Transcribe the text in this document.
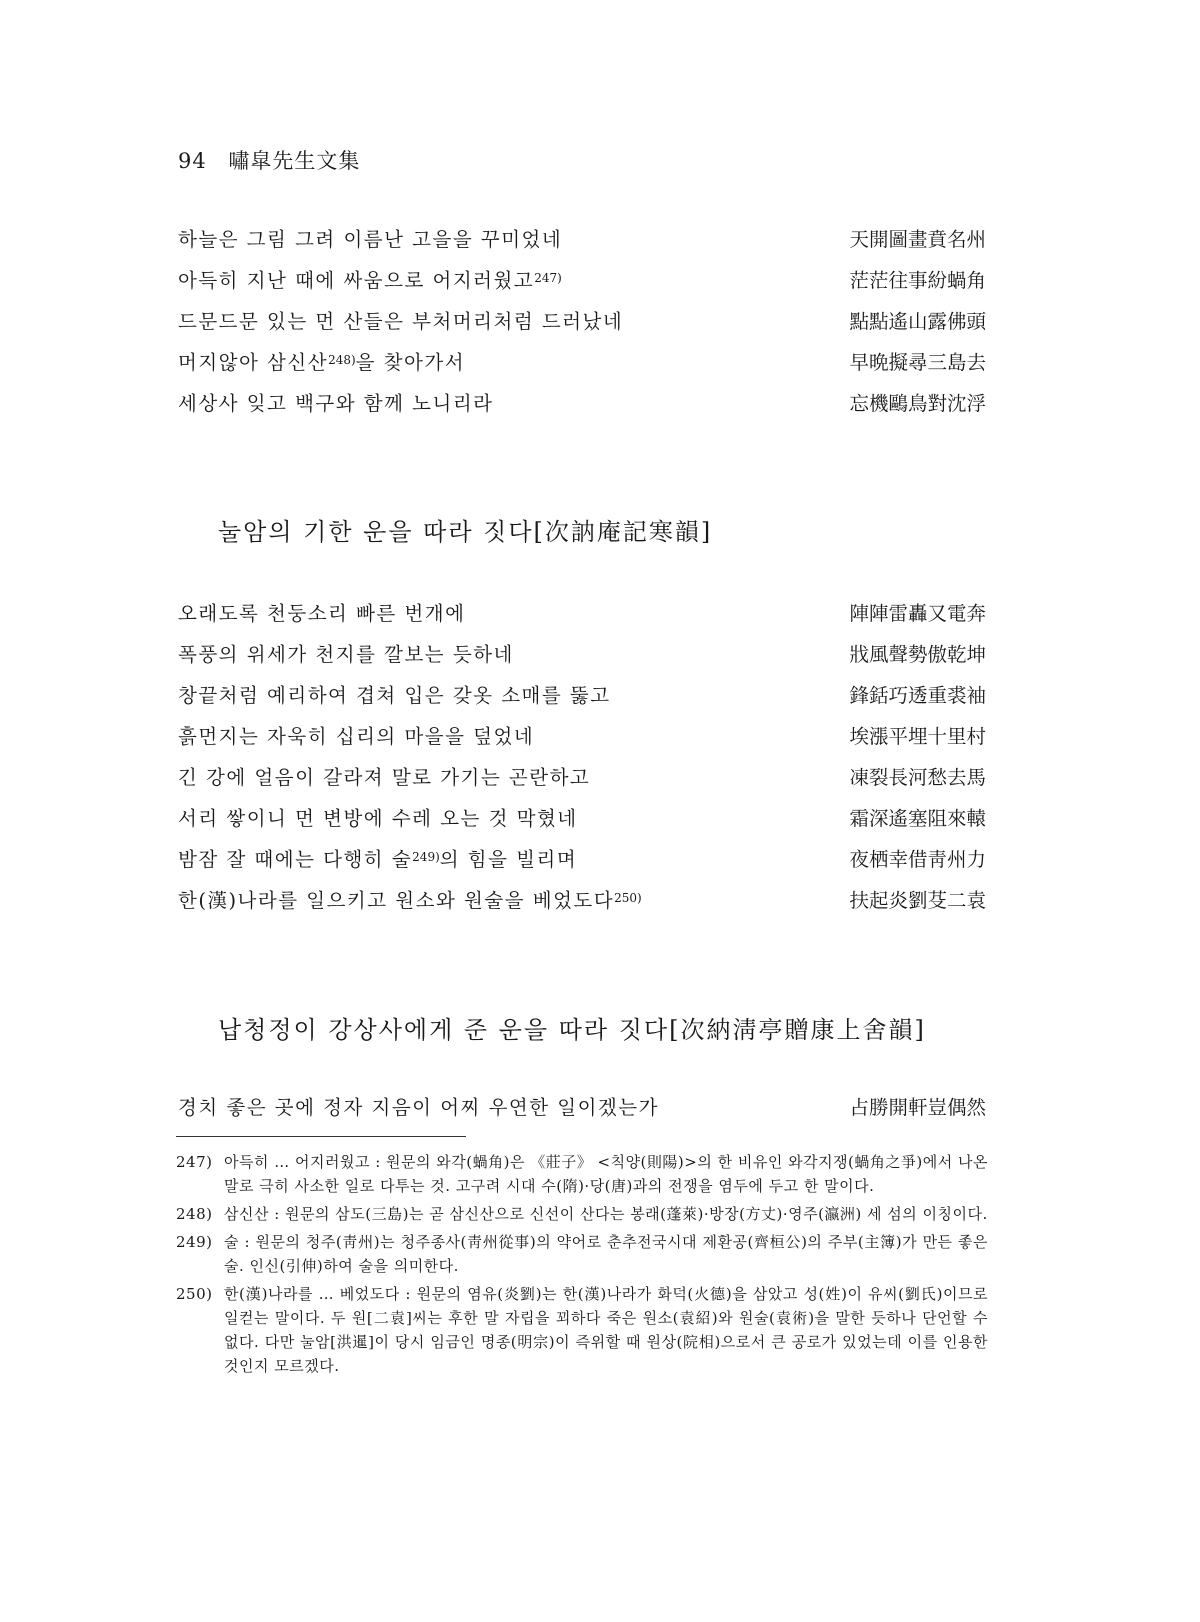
94 嘯皐先生文集
하늘은 그림 그려 이름난 고을을 꾸미었네	天開圖畫賁名州
아득히 지난 때에 싸움으로 어지러웠고$^{247)}$	茫茫往事紛蝸角
드문드문 있는 먼 산들은 부처머리처럼 드러났네	點點遙山露佛頭
머지않아 삼신산$^{248)}$을 찾아가서	早晩擬尋三島去
세상사 잊고 백구와 함께 노니리라	忘機鷗鳥對沈浮
눌암의 기한 운을 따라 짓다[次訥庵記寒韻]
오래도록 천둥소리 빠른 번개에	陣陣雷轟又電奔
폭풍의 위세가 천지를 깔보는 듯하네	戕風聲勢傲乾坤
창끝처럼 예리하여 겹쳐 입은 갖옷 소매를 뚫고	鋒銛巧透重裘袖
흙먼지는 자욱히 십리의 마을을 덮었네	埃漲平埋十里村
긴 강에 얼음이 갈라져 말로 가기는 곤란하고	凍裂長河愁去馬
서리 쌓이니 먼 변방에 수레 오는 것 막혔네	霜深遙塞阻來轅
밤잠 잘 때에는 다행히 술$^{249)}$의 힘을 빌리며	夜栖幸借靑州力
한(漢)나라를 일으키고 원소와 원술을 베었도다$^{250)}$	扶起炎劉芟二袁
납청정이 강상사에게 준 운을 따라 짓다[次納淸亭贈康上舍韻]
경치 좋은 곳에 정자 지음이 어찌 우연한 일이겠는가	占勝開軒豈偶然
247) 아득히 … 어지러웠고 : 원문의 와각(蝸角)은 《莊子》 <칙양(則陽)>의 한 비유인 와각지쟁(蝸角之爭)에서 나온 말로 극히 사소한 일로 다투는 것. 고구려 시대 수(隋)·당(唐)과의 전쟁을 염두에 두고 한 말이다.
248) 삼신산 : 원문의 삼도(三島)는 곧 삼신산으로 신선이 산다는 봉래(蓬萊)·방장(方丈)·영주(瀛洲) 세 섬의 이칭이다.
249) 술 : 원문의 청주(靑州)는 청주종사(靑州從事)의 약어로 춘추전국시대 제환공(齊桓公)의 주부(主簿)가 만든 좋은 술. 인신(引伸)하여 술을 의미한다.
250) 한(漢)나라를 … 베었도다 : 원문의 염유(炎劉)는 한(漢)나라가 화덕(火德)을 삼았고 성(姓)이 유씨(劉氏)이므로 일컫는 말이다. 두 원[二袁]씨는 후한 말 자립을 꾀하다 죽은 원소(袁紹)와 원술(袁術)을 말한 듯하나 단언할 수 없다. 다만 눌암[洪暹]이 당시 임금인 명종(明宗)이 즉위할 때 원상(院相)으로서 큰 공로가 있었는데 이를 인용한 것인지 모르겠다.
